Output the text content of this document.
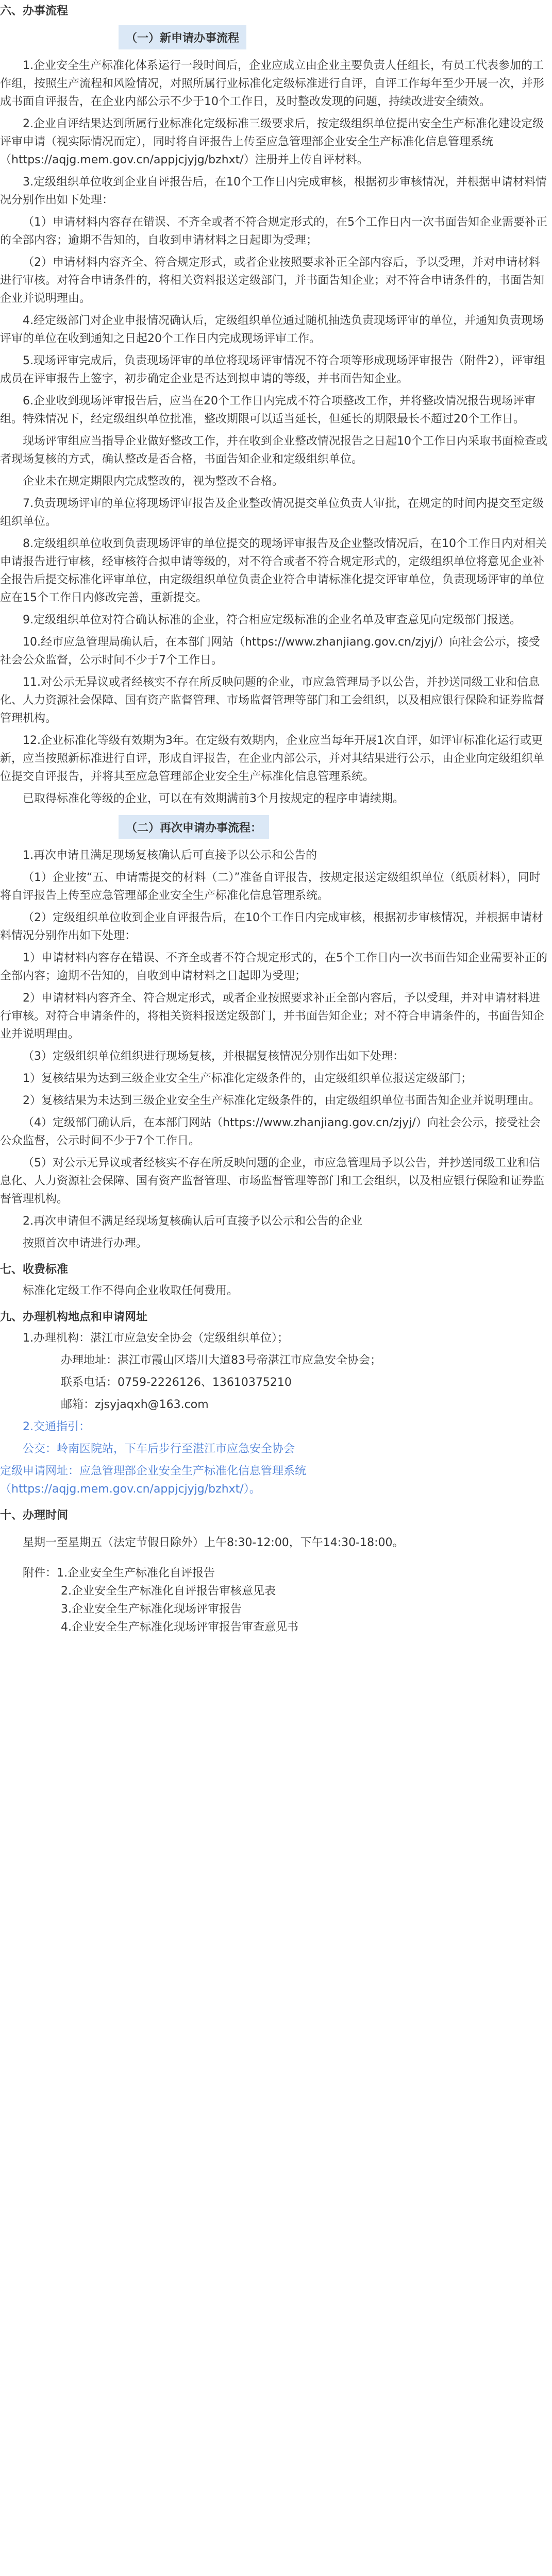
六、办事流程
（一）新申请办事流程

1.企业安全生产标准化体系运行一段时间后，企业应成立由企业主要负责人任组长，有员工代表参加的工作组，按照生产流程和风险情况，对照所属行业标准化定级标准进行自评，自评工作每年至少开展一次，并形成书面自评报告，在企业内部公示不少于10个工作日，及时整改发现的问题，持续改进安全绩效。

2.企业自评结果达到所属行业标准化定级标准三级要求后，按定级组织单位提出安全生产标准化建设定级评审申请（视实际情况而定），同时将自评报告上传至应急管理部企业安全生产标准化信息管理系统（https://aqjg.mem.gov.cn/appjcjyjg/bzhxt/）注册并上传自评材料。

3.定级组织单位收到企业自评报告后，在10个工作日内完成审核，根据初步审核情况，并根据申请材料情况分别作出如下处理：

（1）申请材料内容存在错误、不齐全或者不符合规定形式的，在5个工作日内一次书面告知企业需要补正的全部内容；逾期不告知的，自收到申请材料之日起即为受理；

（2）申请材料内容齐全、符合规定形式，或者企业按照要求补正全部内容后，予以受理，并对申请材料进行审核。对符合申请条件的，将相关资料报送定级部门，并书面告知企业；对不符合申请条件的，书面告知企业并说明理由。

4.经定级部门对企业申报情况确认后，定级组织单位通过随机抽选负责现场评审的单位，并通知负责现场评审的单位在收到通知之日起20个工作日内完成现场评审工作。

5.现场评审完成后，负责现场评审的单位将现场评审情况不符合项等形成现场评审报告（附件2），评审组成员在评审报告上签字，初步确定企业是否达到拟申请的等级，并书面告知企业。

6.企业收到现场评审报告后，应当在20个工作日内完成不符合项整改工作，并将整改情况报告现场评审组。特殊情况下，经定级组织单位批准，整改期限可以适当延长，但延长的期限最长不超过20个工作日。

现场评审组应当指导企业做好整改工作，并在收到企业整改情况报告之日起10个工作日内采取书面检查或者现场复核的方式，确认整改是否合格，书面告知企业和定级组织单位。

企业未在规定期限内完成整改的，视为整改不合格。

7.负责现场评审的单位将现场评审报告及企业整改情况提交单位负责人审批，在规定的时间内提交至定级组织单位。

8.定级组织单位收到负责现场评审的单位提交的现场评审报告及企业整改情况后，在10个工作日内对相关申请报告进行审核，经审核符合拟申请等级的，对不符合或者不符合规定形式的，定级组织单位将意见企业补全报告后提交标准化评审单位，由定级组织单位负责企业符合申请标准化提交评审单位，负责现场评审的单位应在15个工作日内修改完善，重新提交。

9.定级组织单位对符合确认标准的企业，符合相应定级标准的企业名单及审查意见向定级部门报送。

10.经市应急管理局确认后，在本部门网站（https://www.zhanjiang.gov.cn/zjyj/）向社会公示，接受社会公众监督，公示时间不少于7个工作日。

11.对公示无异议或者经核实不存在所反映问题的企业，市应急管理局予以公告，并抄送同级工业和信息化、人力资源社会保障、国有资产监督管理、市场监督管理等部门和工会组织，以及相应银行保险和证券监督管理机构。

12.企业标准化等级有效期为3年。在定级有效期内，企业应当每年开展1次自评，如评审标准化运行或更新，应当按照新标准进行自评，形成自评报告，在企业内部公示，并对其结果进行公示，由企业向定级组织单位提交自评报告，并将其至应急管理部企业安全生产标准化信息管理系统。

已取得标准化等级的企业，可以在有效期满前3个月按规定的程序申请续期。

（二）再次申请办事流程：

1.再次申请且满足现场复核确认后可直接予以公示和公告的

（1）企业按“五、申请需提交的材料（二）”准备自评报告，按规定报送定级组织单位（纸质材料），同时将自评报告上传至应急管理部企业安全生产标准化信息管理系统。

（2）定级组织单位收到企业自评报告后，在10个工作日内完成审核，根据初步审核情况，并根据申请材料情况分别作出如下处理：

1）申请材料内容存在错误、不齐全或者不符合规定形式的，在5个工作日内一次书面告知企业需要补正的全部内容；逾期不告知的，自收到申请材料之日起即为受理；

2）申请材料内容齐全、符合规定形式，或者企业按照要求补正全部内容后，予以受理，并对申请材料进行审核。对符合申请条件的，将相关资料报送定级部门，并书面告知企业；对不符合申请条件的，书面告知企业并说明理由。

（3）定级组织单位组织进行现场复核，并根据复核情况分别作出如下处理：

1）复核结果为达到三级企业安全生产标准化定级条件的，由定级组织单位报送定级部门；

2）复核结果为未达到三级企业安全生产标准化定级条件的，由定级组织单位书面告知企业并说明理由。

（4）定级部门确认后，在本部门网站（https://www.zhanjiang.gov.cn/zjyj/）向社会公示，接受社会公众监督，公示时间不少于7个工作日。

（5）对公示无异议或者经核实不存在所反映问题的企业，市应急管理局予以公告，并抄送同级工业和信息化、人力资源社会保障、国有资产监督管理、市场监督管理等部门和工会组织，以及相应银行保险和证券监督管理机构。

2.再次申请但不满足经现场复核确认后可直接予以公示和公告的企业

按照首次申请进行办理。

七、收费标准

标准化定级工作不得向企业收取任何费用。

九、办理机构地点和申请网址

1.办理机构：湛江市应急安全协会（定级组织单位）；

办理地址：湛江市霞山区塔川大道83号帝湛江市应急安全协会；

联系电话：0759-2226126、13610375210

邮箱：zjsyjaqxh@163.com

2.交通指引：

公交：岭南医院站，下车后步行至湛江市应急安全协会

定级申请网址：应急管理部企业安全生产标准化信息管理系统（https://aqjg.mem.gov.cn/appjcjyjg/bzhxt/）。

十、办理时间

星期一至星期五（法定节假日除外）上午8:30-12:00，下午14:30-18:00。

附件：1.企业安全生产标准化自评报告
2.企业安全生产标准化自评报告审核意见表
3.企业安全生产标准化现场评审报告
4.企业安全生产标准化现场评审报告审查意见书
